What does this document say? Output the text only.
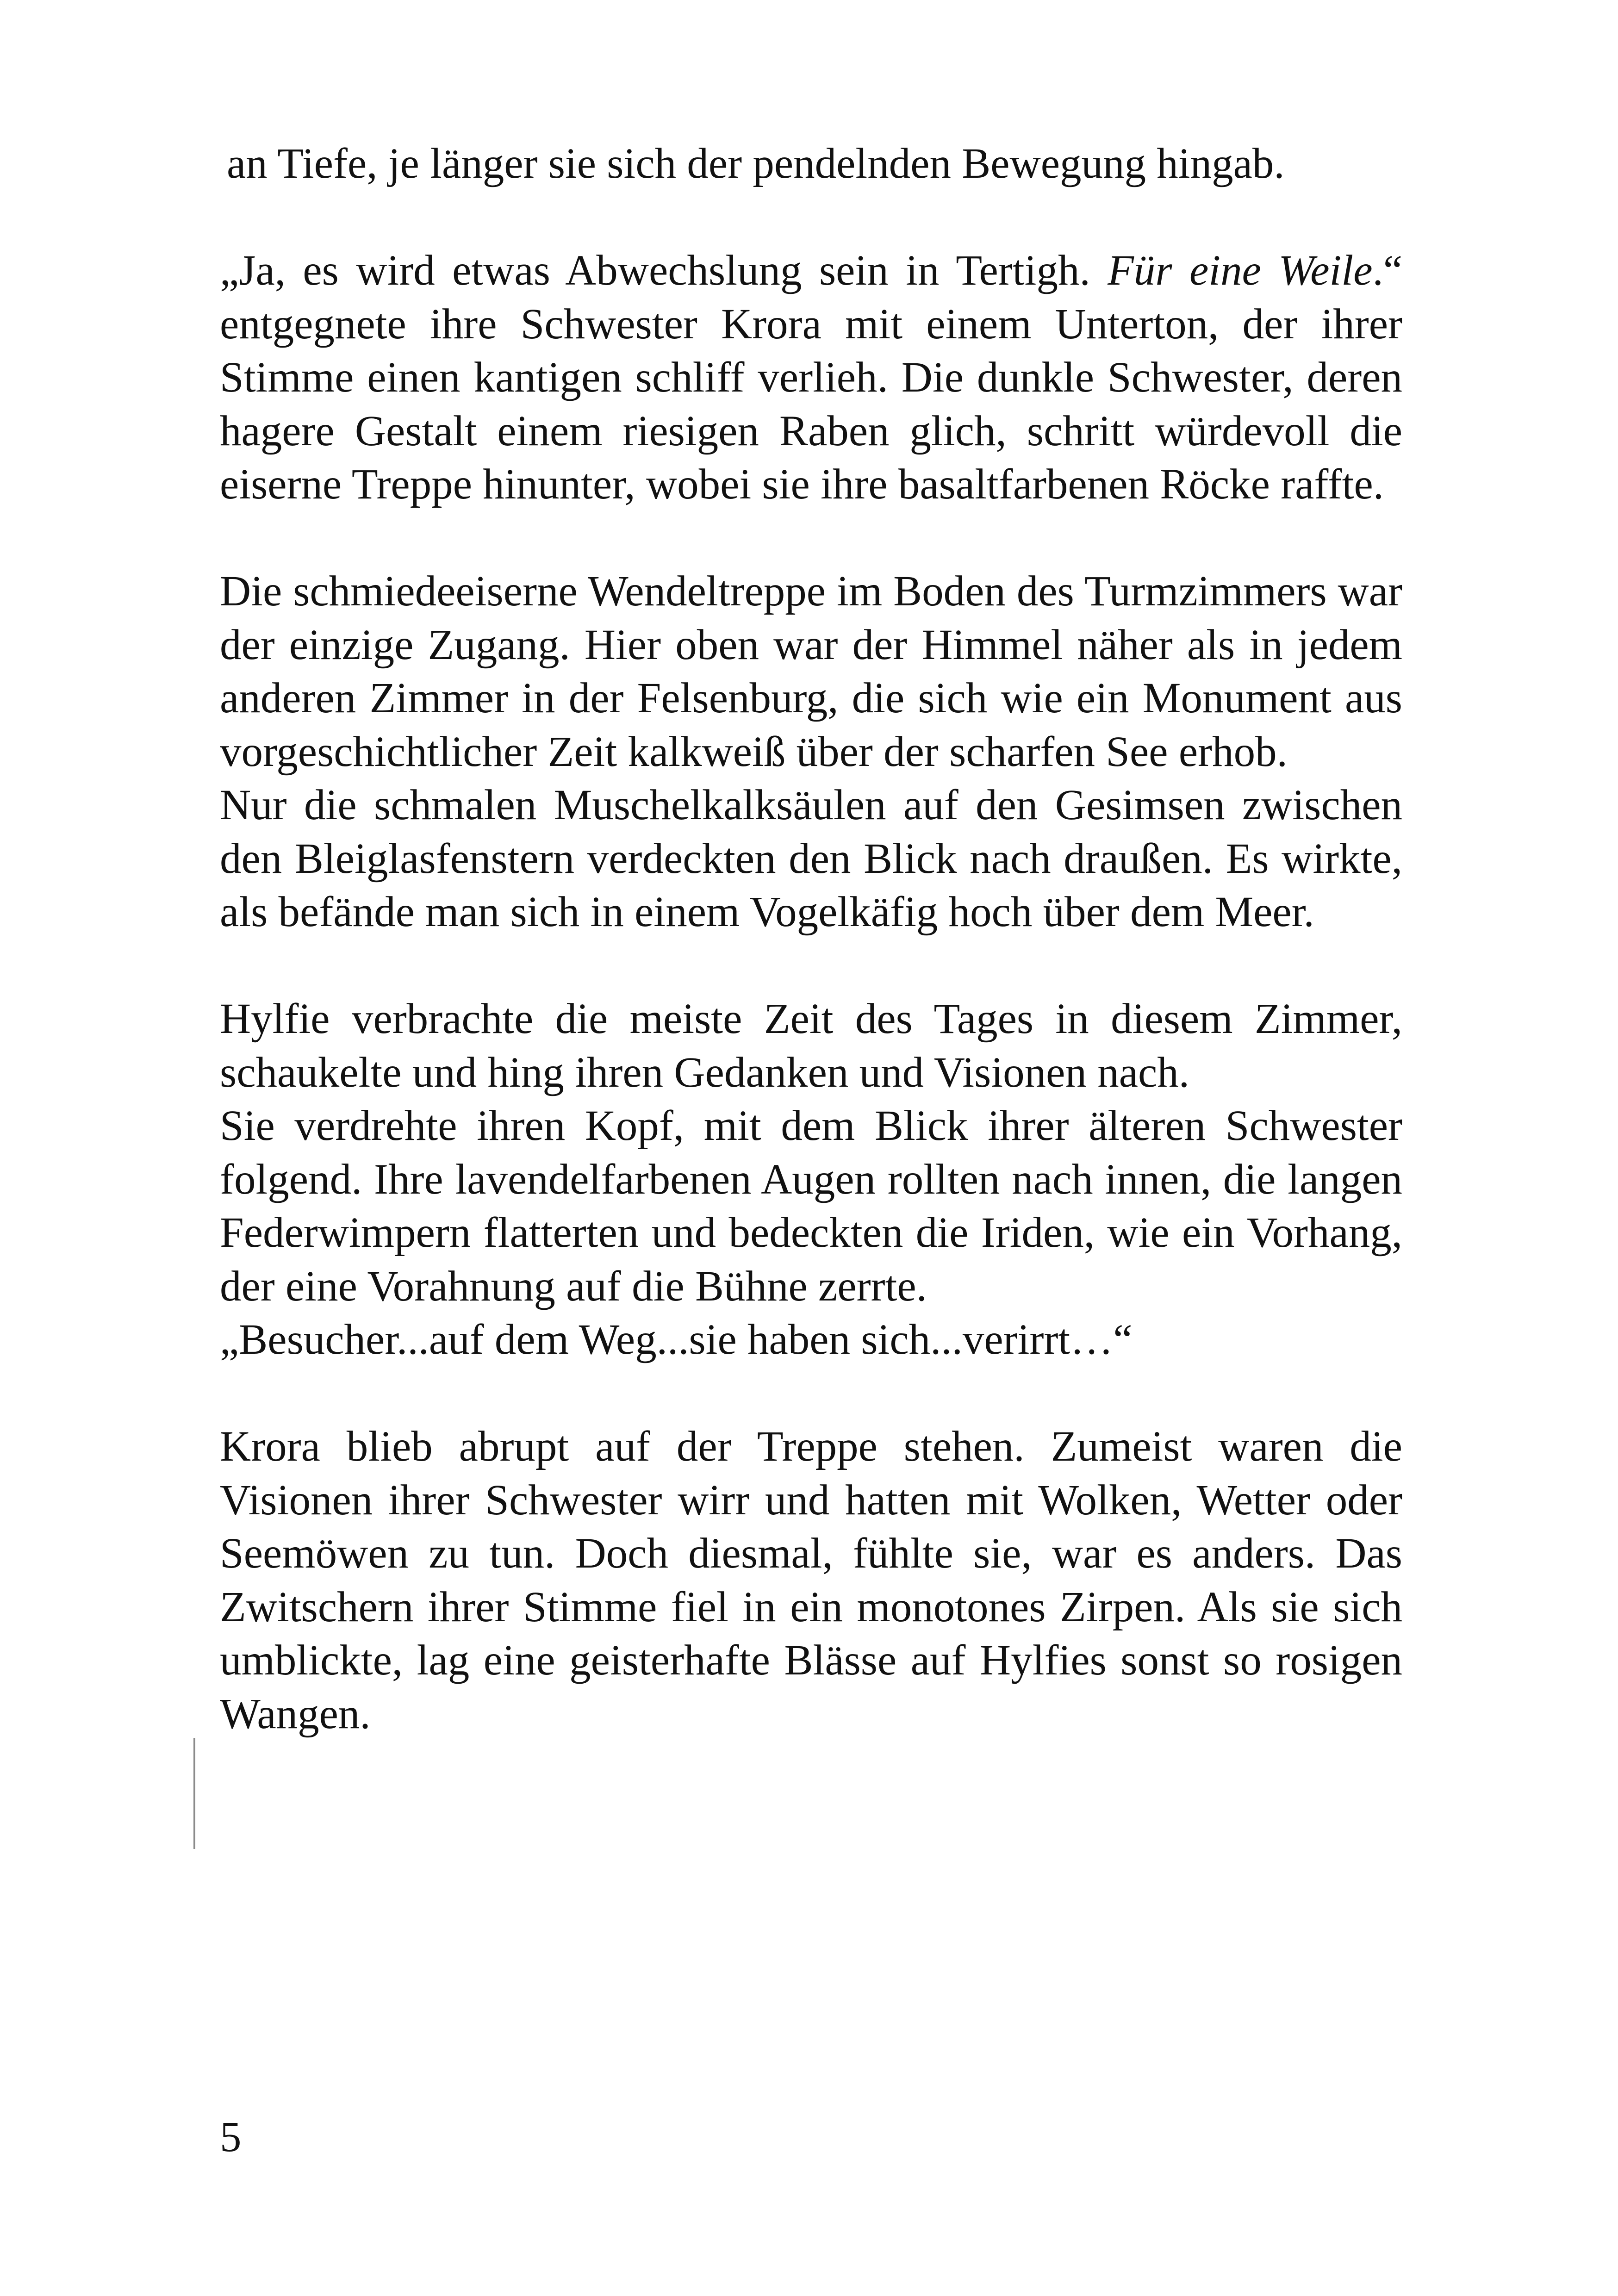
an Tiefe, je länger sie sich der pendelnden Bewegung hingab.

„Ja, es wird etwas Abwechslung sein in Tertigh. Für eine Weile.“ entgegnete ihre Schwester Krora mit einem Unterton, der ihrer Stimme einen kantigen schliff verlieh. Die dunkle Schwester, deren hagere Gestalt einem riesigen Raben glich, schritt würdevoll die eiserne Treppe hinunter, wobei sie ihre basaltfarbenen Röcke raffte.

Die schmiedeeiserne Wendeltreppe im Boden des Turmzimmers war der einzige Zugang. Hier oben war der Himmel näher als in jedem anderen Zimmer in der Felsenburg, die sich wie ein Monument aus vorgeschichtlicher Zeit kalkweiß über der scharfen See erhob.

Nur die schmalen Muschelkalksäulen auf den Gesimsen zwischen den Bleiglasfenstern verdeckten den Blick nach draußen. Es wirkte, als befände man sich in einem Vogelkäfig hoch über dem Meer.

Hylfie verbrachte die meiste Zeit des Tages in diesem Zimmer, schaukelte und hing ihren Gedanken und Visionen nach.

Sie verdrehte ihren Kopf, mit dem Blick ihrer älteren Schwester folgend. Ihre lavendelfarbenen Augen rollten nach innen, die langen Federwimpern flatterten und bedeckten die Iriden, wie ein Vorhang, der eine Vorahnung auf die Bühne zerrte.

„Besucher...auf dem Weg...sie haben sich...verirrt…“

Krora blieb abrupt auf der Treppe stehen. Zumeist waren die Visionen ihrer Schwester wirr und hatten mit Wolken, Wetter oder Seemöwen zu tun. Doch diesmal, fühlte sie, war es anders. Das Zwitschern ihrer Stimme fiel in ein monotones Zirpen. Als sie sich umblickte, lag eine geisterhafte Blässe auf Hylfies sonst so rosigen Wangen.

5
